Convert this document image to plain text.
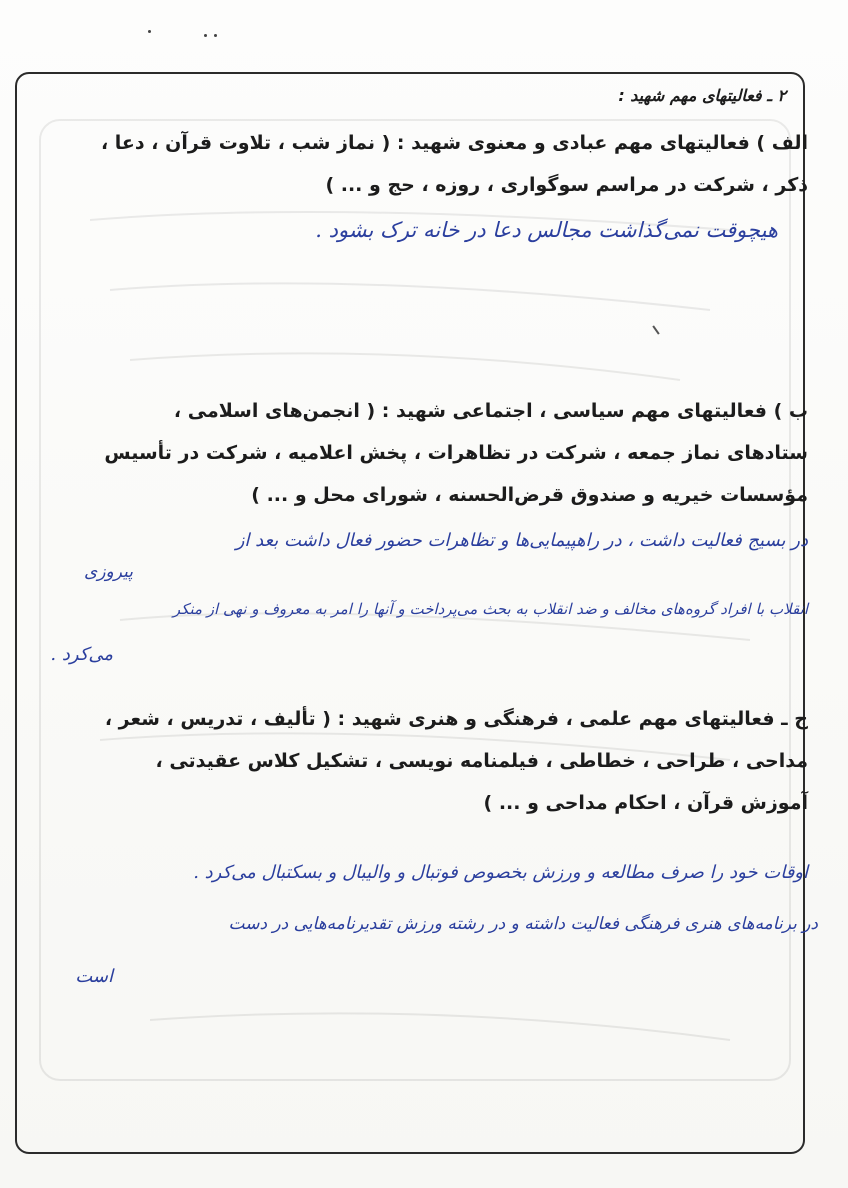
۲ ـ فعالیتهای مهم شهید :

الف ) فعالیتهای مهم عبادی و معنوی شهید : ( نماز شب ، تلاوت قرآن ، دعا ،

ذکر ، شرکت در مراسم سوگواری ، روزه ، حج و ... )

هیچوقت نمی‌گذاشت مجالس دعا در خانه ترک بشود .

ب ) فعالیتهای مهم سیاسی ، اجتماعی شهید : ( انجمن‌های اسلامی ،

ستادهای نماز جمعه ، شرکت در تظاهرات ، پخش اعلامیه ، شرکت در تأسیس

مؤسسات خیریه و صندوق قرض‌الحسنه ، شورای محل و ... )

در بسیج فعالیت داشت ، در راهپیمایی‌ها و تظاهرات حضور فعال داشت بعد از

پیروزی

انقلاب با افراد گروه‌های مخالف و ضد انقلاب به بحث می‌پرداخت و آنها را امر به معروف و نهی از منکر

می‌کرد .

ج ـ فعالیتهای مهم علمی ، فرهنگی و هنری شهید : ( تألیف ، تدریس ، شعر ،

مداحی ، طراحی ، خطاطی ، فیلمنامه نویسی ، تشکیل کلاس عقیدتی ،

آموزش قرآن ، احکام مداحی و ... )

اوقات خود را صرف مطالعه و ورزش بخصوص فوتبال و والیبال و بسکتبال می‌کرد .

در برنامه‌های هنری فرهنگی فعالیت داشته و در رشته ورزش تقدیرنامه‌هایی در دست

است
